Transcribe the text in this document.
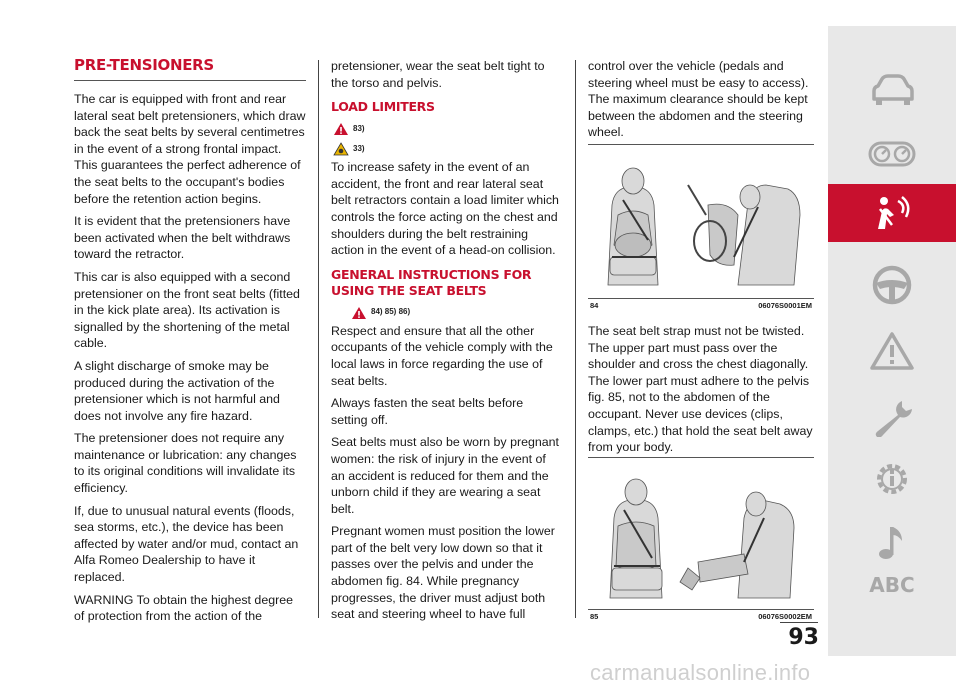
PRE-TENSIONERS

The car is equipped with front and rear lateral seat belt pretensioners, which draw back the seat belts by several centimetres in the event of a strong frontal impact. This guarantees the perfect adherence of the seat belts to the occupant's bodies before the retention action begins.

It is evident that the pretensioners have been activated when the belt withdraws toward the retractor.

This car is also equipped with a second pretensioner on the front seat belts (fitted in the kick plate area). Its activation is signalled by the shortening of the metal cable.

A slight discharge of smoke may be produced during the activation of the pretensioner which is not harmful and does not involve any fire hazard.

The pretensioner does not require any maintenance or lubrication: any changes to its original conditions will invalidate its efficiency.

If, due to unusual natural events (floods, sea storms, etc.), the device has been affected by water and/or mud, contact an Alfa Romeo Dealership to have it replaced.

WARNING To obtain the highest degree of protection from the action of the

pretensioner, wear the seat belt tight to the torso and pelvis.

LOAD LIMITERS
83)
33)

To increase safety in the event of an accident, the front and rear lateral seat belt retractors contain a load limiter which controls the force acting on the chest and shoulders during the belt restraining action in the event of a head-on collision.

GENERAL INSTRUCTIONS FOR USING THE SEAT BELTS
84) 85) 86)

Respect and ensure that all the other occupants of the vehicle comply with the local laws in force regarding the use of seat belts.

Always fasten the seat belts before setting off.

Seat belts must also be worn by pregnant women: the risk of injury in the event of an accident is reduced for them and the unborn child if they are wearing a seat belt.

Pregnant women must position the lower part of the belt very low down so that it passes over the pelvis and under the abdomen fig. 84. While pregnancy progresses, the driver must adjust both seat and steering wheel to have full

control over the vehicle (pedals and steering wheel must be easy to access). The maximum clearance should be kept between the abdomen and the steering wheel.

84	06076S0001EM

The seat belt strap must not be twisted. The upper part must pass over the shoulder and cross the chest diagonally. The lower part must adhere to the pelvis fig. 85, not to the abdomen of the occupant. Never use devices (clips, clamps, etc.) that hold the seat belt away from your body.

85	06076S0002EM
93
ABC
carmanualsonline.info
